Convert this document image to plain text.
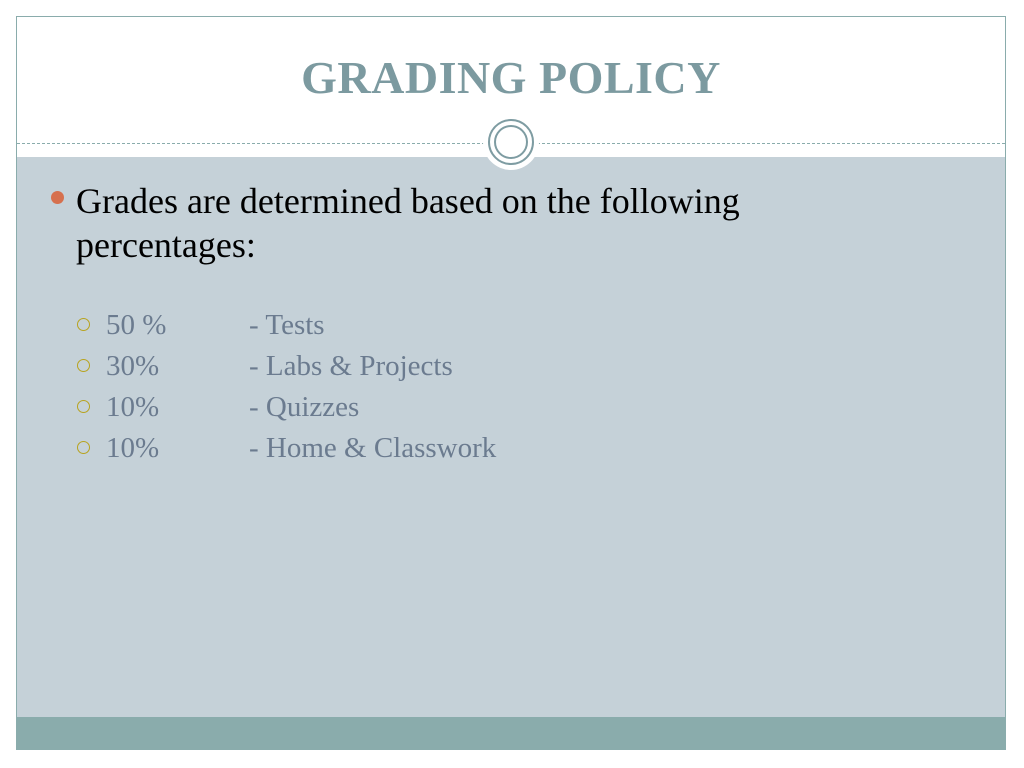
GRADING POLICY
Grades are determined based on the following percentages:
50 %	- Tests
30%	- Labs & Projects
10%	- Quizzes
10%	- Home & Classwork
